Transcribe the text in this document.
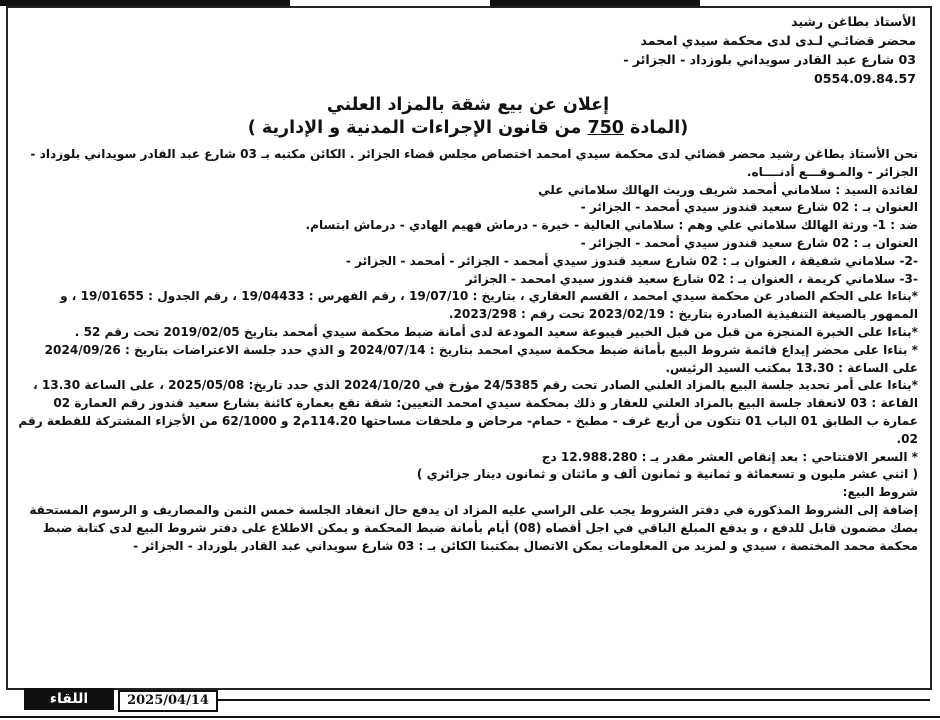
الأستاذ بطاغن رشيد
محضر قضائـي لـدى لدى محكمة سيدي امحمد
03 شارع عبد القادر سويداني بلوزداد - الجزائر -
0554.09.84.57
إعلان عن بيع شقة بالمزاد العلني
(المادة 750 من قانون الإجراءات المدنية و الإدارية )

نحن الأستاذ بطاغن رشيد محضر قضائي لدى محكمة سيدي امحمد اختصاص مجلس قضاء الجزائر . الكائن مكتبه بـ 03 شارع عبد القادر سويداني بلوزداد - الجزائر - والمـوقـــع أدنــــاه.

لفائدة السيد : سلاماني أمحمد شريف وريث الهالك سلاماني علي

العنوان بـ : 02 شارع سعيد قندوز سيدي أمحمد - الجزائر -

ضد : 1- ورثة الهالك سلاماني علي وهم : سلاماني العالية - خيرة - درماش فهيم الهادي - درماش ابتسام.

العنوان بـ : 02 شارع سعيد قندوز سيدي أمحمد - الجزائر -

-2- سلاماني شفيقة ، العنوان بـ : 02 شارع سعيد قندوز سيدي أمحمد - الجزائر - أمحمد - الجزائر -

-3- سلاماني كريمة ، العنوان بـ : 02 شارع سعيد قندوز سيدي امحمد - الجزائر

*بناءا على الحكم الصادر عن محكمة سيدي امحمد ، القسم العقاري ، بتاريخ : 19/07/10 ، رقم الفهرس : 19/04433 ، رقم الجدول : 19/01655 ، و الممهور بالصيغة التنفيذية الصادرة بتاريخ : 2023/02/19 تحت رقم : 2023/298.

*بناءا على الخبرة المنجزة من قبل من قبل الخبير قيبوعة سعيد المودعة لدى أمانة ضبط محكمة سيدي أمحمد بتاريخ 2019/02/05 تحت رقم 52 .

* بناءا على محضر إيداع قائمة شروط البيع بأمانة ضبط محكمة سيدي امحمد بتاريخ : 2024/07/14 و الذي حدد جلسة الاعتراضات بتاريخ : 2024/09/26 على الساعة : 13.30 بمكتب السيد الرئيس.

*بناءا على أمر تحديد جلسة البيع بالمزاد العلني الصادر تحت رقم 24/5385 مؤرخ في 2024/10/20 الذي حدد تاريخ: 2025/05/08 ، على الساعة 13.30 ، القاعة : 03 لانعقاد جلسة البيع بالمزاد العلني للعقار و ذلك بمحكمة سيدي امحمد التعيين: شقة تقع بعمارة كائنة بشارع سعيد قندوز رقم العمارة 02 عمارة ب الطابق 01 الباب 01 تتكون من أربع غرف - مطبخ - حمام- مرحاض و ملحقات مساحتها 114.20م2 و 62/1000 من الأجزاء المشتركة للقطعة رقم 02.

* السعر الافتتاحي : بعد إنقاص العشر مقدر بـ : 12.988.280 دج

( اثني عشر مليون و تسعمائة و ثمانية و ثمانون ألف و مائتان و ثمانون دينار جزائري )

شروط البيع:

إضافة إلى الشروط المذكورة في دفتر الشروط يجب على الراسي عليه المزاد ان يدفع حال انعقاد الجلسة خمس الثمن والمصاريف و الرسوم المستحقة بصك مضمون قابل للدفع ، و يدفع المبلغ الباقي في اجل أقصاه (08) أيام بأمانة ضبط المحكمة و يمكن الاطلاع على دفتر شروط البيع لدى كتابة ضبط محكمة محمد المختصة ، سيدي و لمزيد من المعلومات يمكن الاتصال بمكتبنا الكائن بـ : 03 شارع سويداني عبد القادر بلوزداد - الجزائر -

اللقاء	2025/04/14
